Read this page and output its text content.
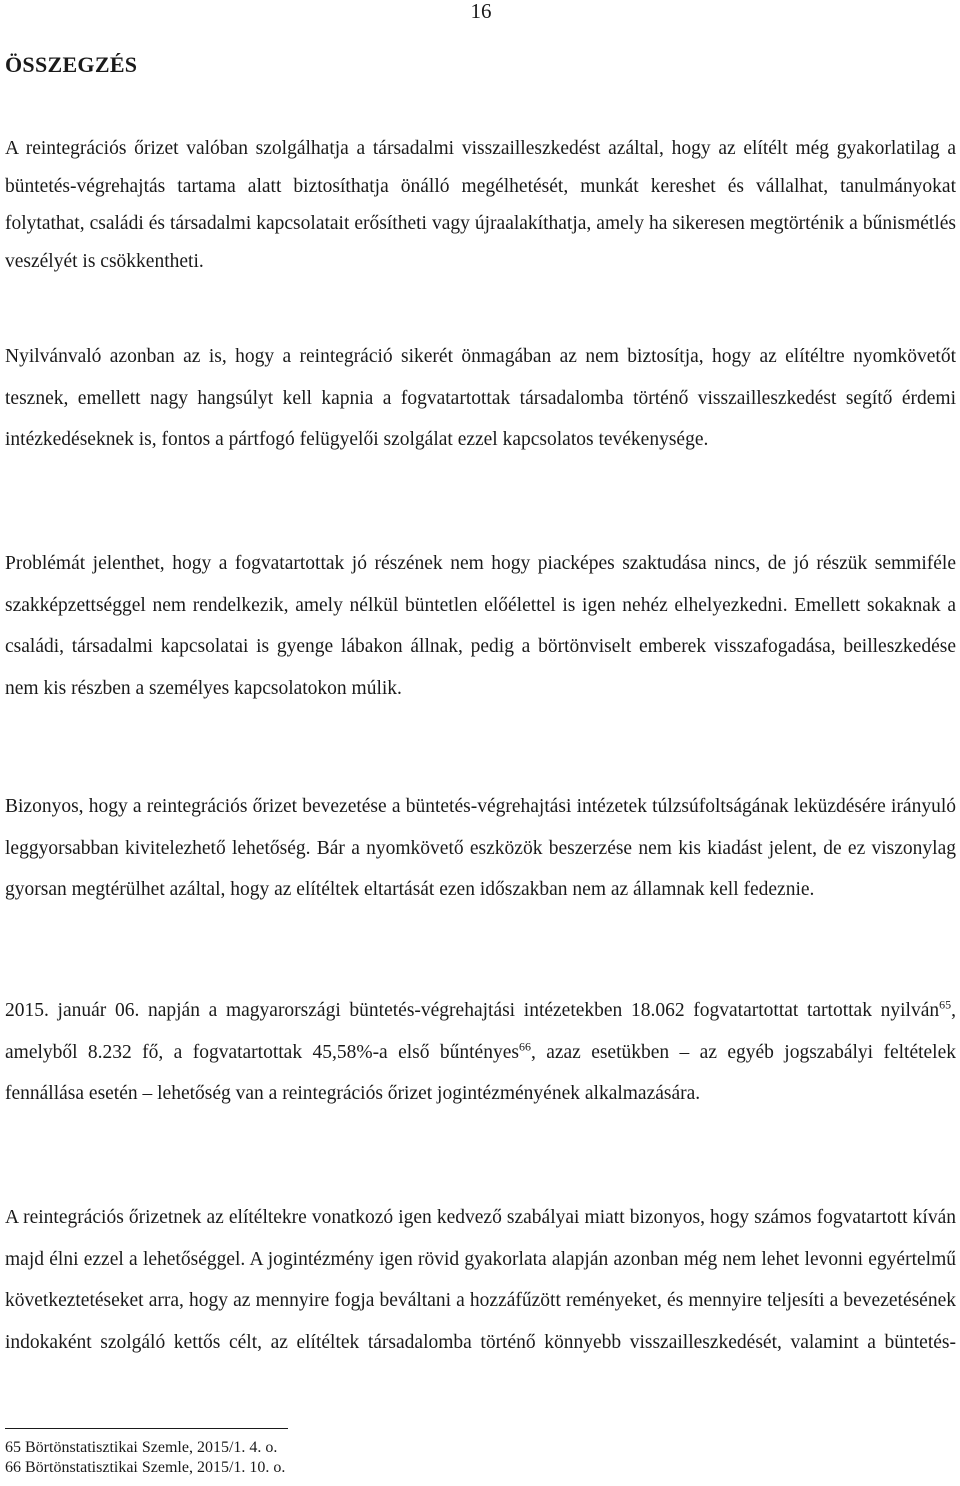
16
ÖSSZEGZÉS

A reintegrációs őrizet valóban szolgálhatja a társadalmi visszailleszkedést azáltal, hogy az elítélt még gyakorlatilag a büntetés-végrehajtás tartama alatt biztosíthatja önálló megélhetését, munkát kereshet és vállalhat, tanulmányokat folytathat, családi és társadalmi kapcsolatait erősítheti vagy újraalakíthatja, amely ha sikeresen megtörténik a bűnismétlés veszélyét is csökkentheti.

Nyilvánvaló azonban az is, hogy a reintegráció sikerét önmagában az nem biztosítja, hogy az elítéltre nyomkövetőt tesznek, emellett nagy hangsúlyt kell kapnia a fogvatartottak társadalomba történő visszailleszkedést segítő érdemi intézkedéseknek is, fontos a pártfogó felügyelői szolgálat ezzel kapcsolatos tevékenysége.

Problémát jelenthet, hogy a fogvatartottak jó részének nem hogy piacképes szaktudása nincs, de jó részük semmiféle szakképzettséggel nem rendelkezik, amely nélkül büntetlen előélettel is igen nehéz elhelyezkedni. Emellett sokaknak a családi, társadalmi kapcsolatai is gyenge lábakon állnak, pedig a börtönviselt emberek visszafogadása, beilleszkedése nem kis részben a személyes kapcsolatokon múlik.

Bizonyos, hogy a reintegrációs őrizet bevezetése a büntetés-végrehajtási intézetek túlzsúfoltságának leküzdésére irányuló leggyorsabban kivitelezhető lehetőség. Bár a nyomkövető eszközök beszerzése nem kis kiadást jelent, de ez viszonylag gyorsan megtérülhet azáltal, hogy az elítéltek eltartását ezen időszakban nem az államnak kell fedeznie.

2015. január 06. napján a magyarországi büntetés-végrehajtási intézetekben 18.062 fogvatartottat tartottak nyilván$^{65}$, amelyből 8.232 fő, a fogvatartottak 45,58%-a első bűntényes$^{66}$, azaz esetükben – az egyéb jogszabályi feltételek fennállása esetén – lehetőség van a reintegrációs őrizet jogintézményének alkalmazására.

A reintegrációs őrizetnek az elítéltekre vonatkozó igen kedvező szabályai miatt bizonyos, hogy számos fogvatartott kíván majd élni ezzel a lehetőséggel. A jogintézmény igen rövid gyakorlata alapján azonban még nem lehet levonni egyértelmű következtetéseket arra, hogy az mennyire fogja beváltani a hozzáfűzött reményeket, és mennyire teljesíti a bevezetésének indokaként szolgáló kettős célt, az elítéltek társadalomba történő könnyebb visszailleszkedését, valamint a büntetés-

65 Börtönstatisztikai Szemle, 2015/1. 4. o.

66 Börtönstatisztikai Szemle, 2015/1. 10. o.
